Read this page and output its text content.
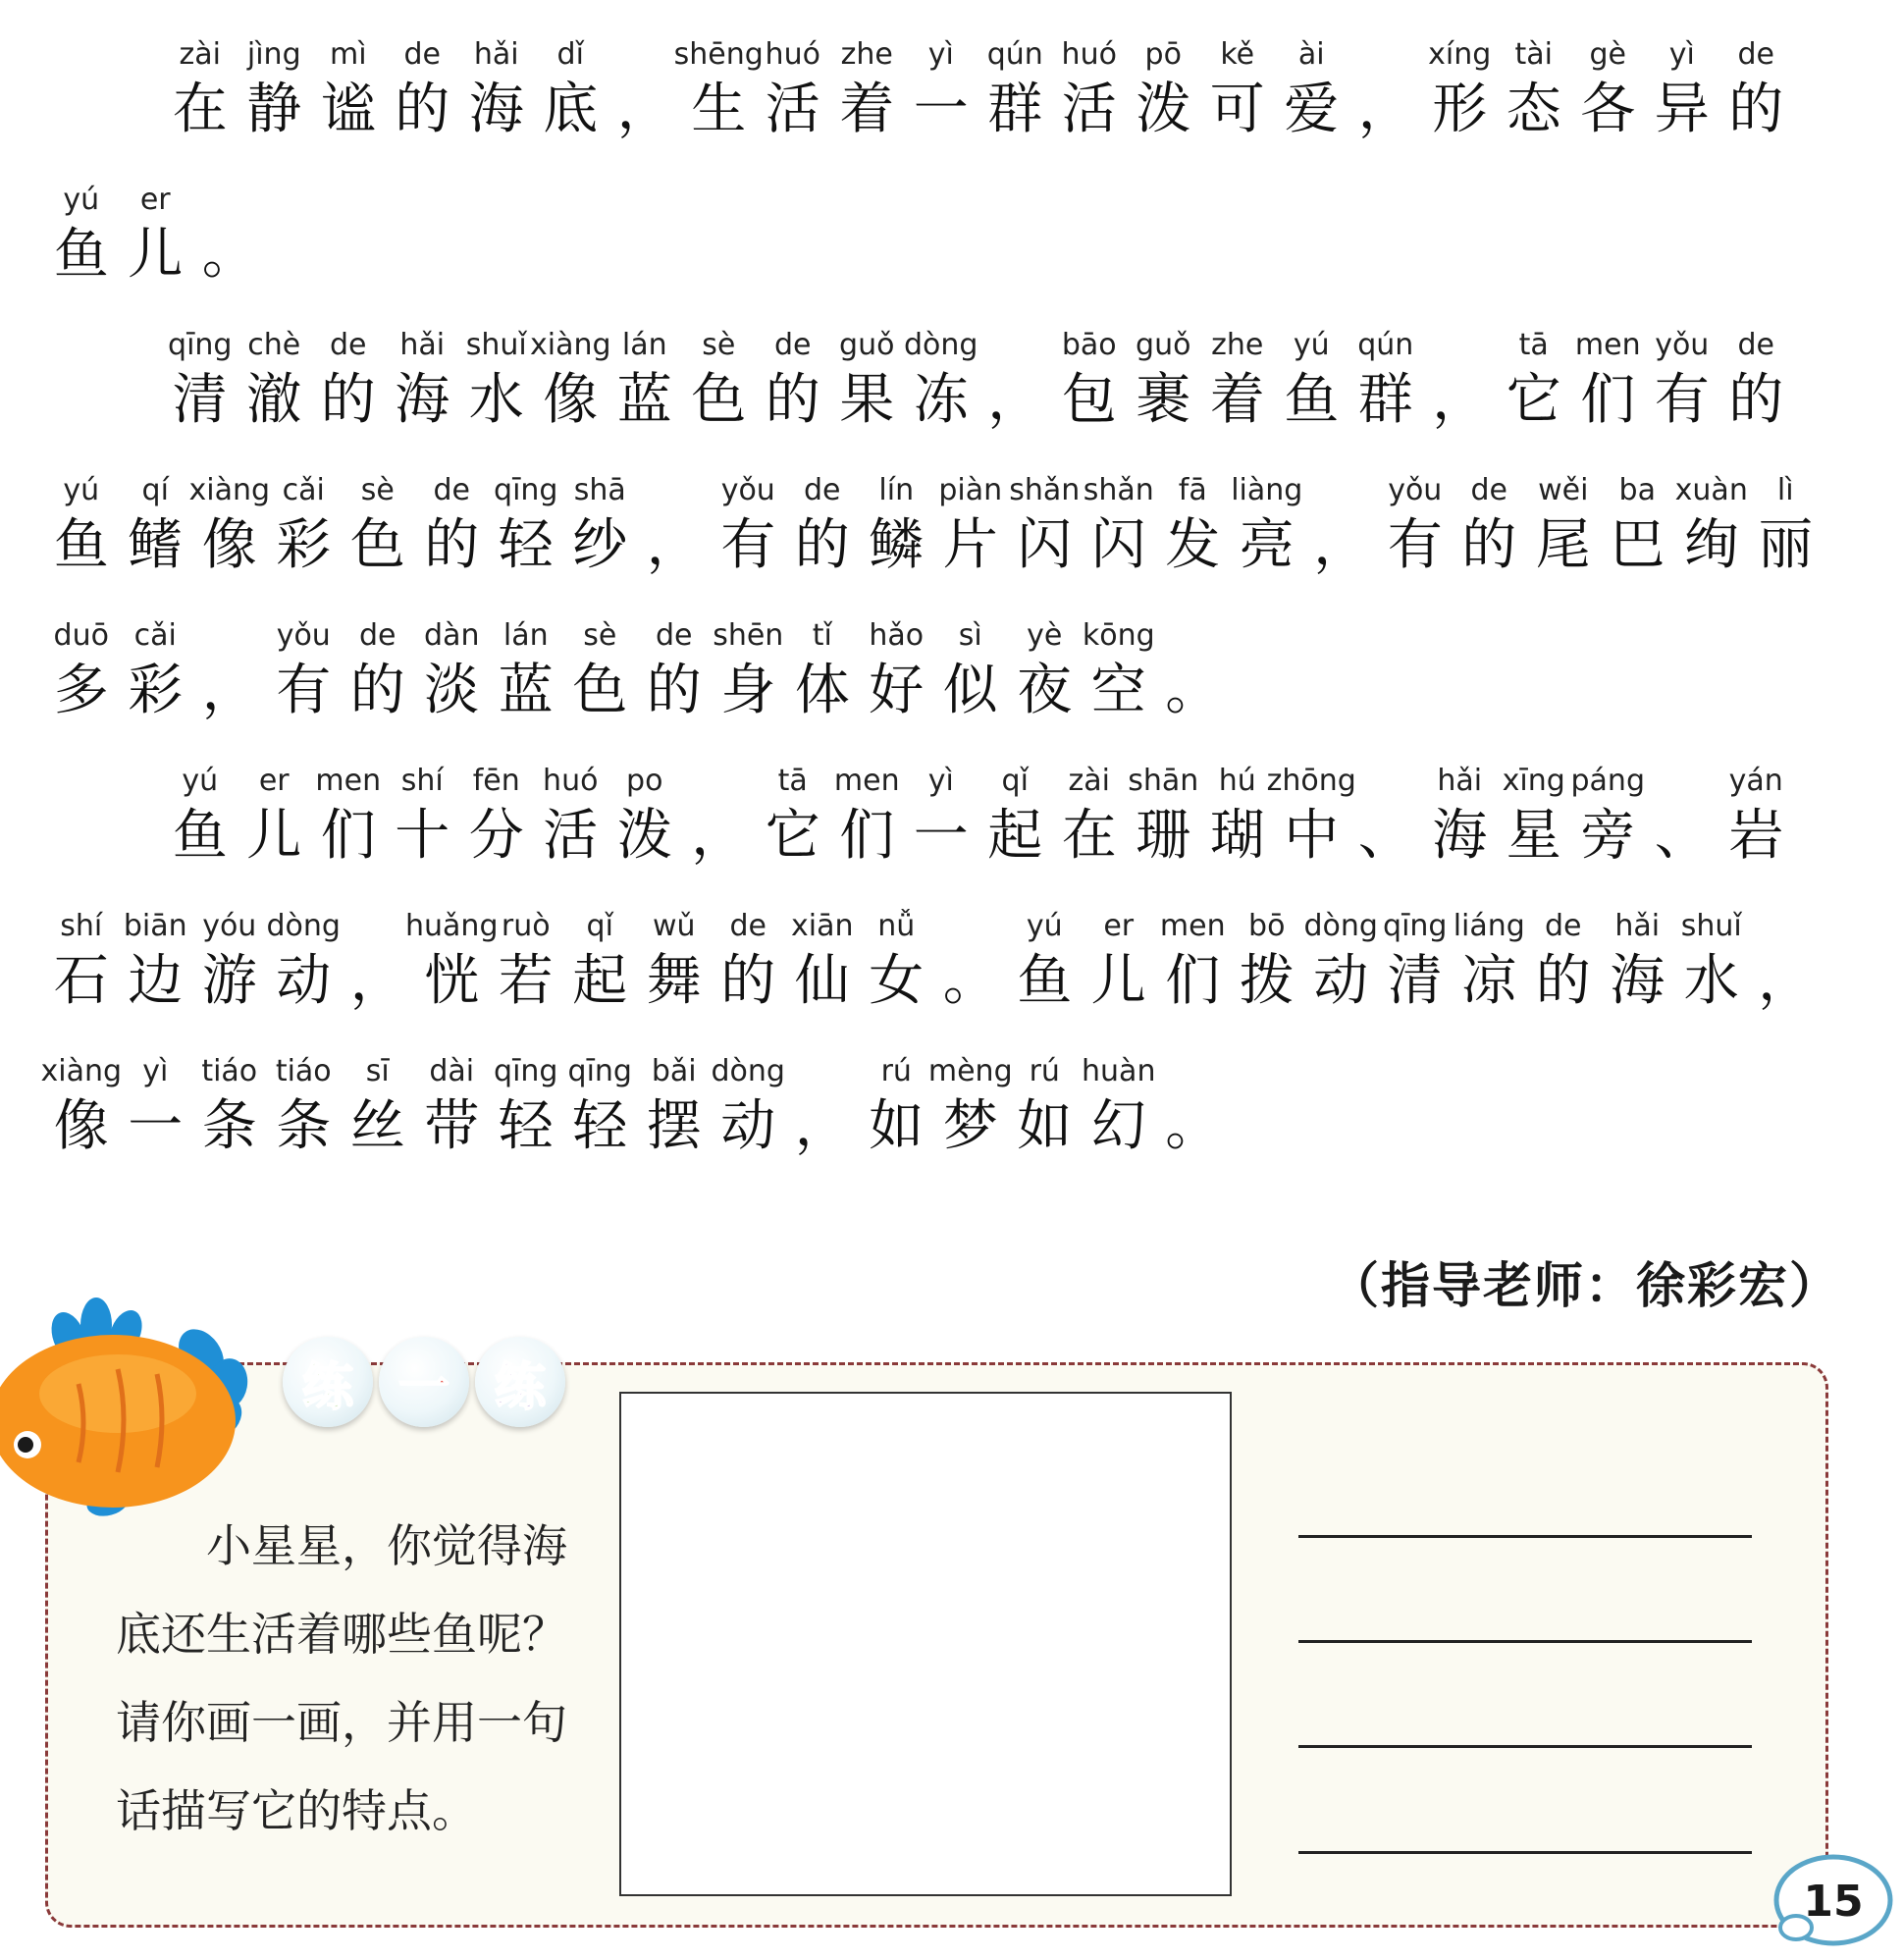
zài
在
jìng
静
mì
谧
de
的
hǎi
海
dǐ
底 ，
shēng
生
huó
活
zhe
着
yì
一
qún
群
huó
活
pō
泼
kě
可
ài
爱 ，
xíng
形
tài
态
gè
各
yì
异
de
的
yú
鱼
er
儿 。
qīng
清
chè
澈
de
的
hǎi
海
shuǐ
水
xiàng
像
lán
蓝
sè
色
de
的
guǒ
果
dòng
冻 ，
bāo
包
guǒ
裹
zhe
着
yú
鱼
qún
群 ，
tā
它
men
们
yǒu
有
de
的
yú
鱼
qí
鳍
xiàng
像
cǎi
彩
sè
色
de
的
qīng
轻
shā
纱 ，
yǒu
有
de
的
lín
鳞
piàn
片
shǎn
闪
shǎn
闪
fā
发
liàng
亮 ，
yǒu
有
de
的
wěi
尾
ba
巴
xuàn
绚
lì
丽
duō
多
cǎi
彩 ，
yǒu
有
de
的
dàn
淡
lán
蓝
sè
色
de
的
shēn
身
tǐ
体
hǎo
好
sì
似
yè
夜
kōng
空 。
yú
鱼
er
儿
men
们
shí
十
fēn
分
huó
活
po
泼 ，
tā
它
men
们
yì
一
qǐ
起
zài
在
shān
珊
hú
瑚
zhōng
中 、
hǎi
海
xīng
星
páng
旁 、
yán
岩
shí
石
biān
边
yóu
游
dòng
动 ，
huǎng
恍
ruò
若
qǐ
起
wǔ
舞
de
的
xiān
仙
nǚ
女 。
yú
鱼
er
儿
men
们
bō
拨
dòng
动
qīng
清
liáng
凉
de
的
hǎi
海
shuǐ
水 ，
xiàng
像
yì
一
tiáo
条
tiáo
条
sī
丝
dài
带
qīng
轻
qīng
轻
bǎi
摆
dòng
动 ，
rú
如
mèng
梦
rú
如
huàn
幻 。
（指导老师：徐彩宏）
练 一 练
小星星，你觉得海底还生活着哪些鱼呢？请你画一画，并用一句话描写它的特点。
15
